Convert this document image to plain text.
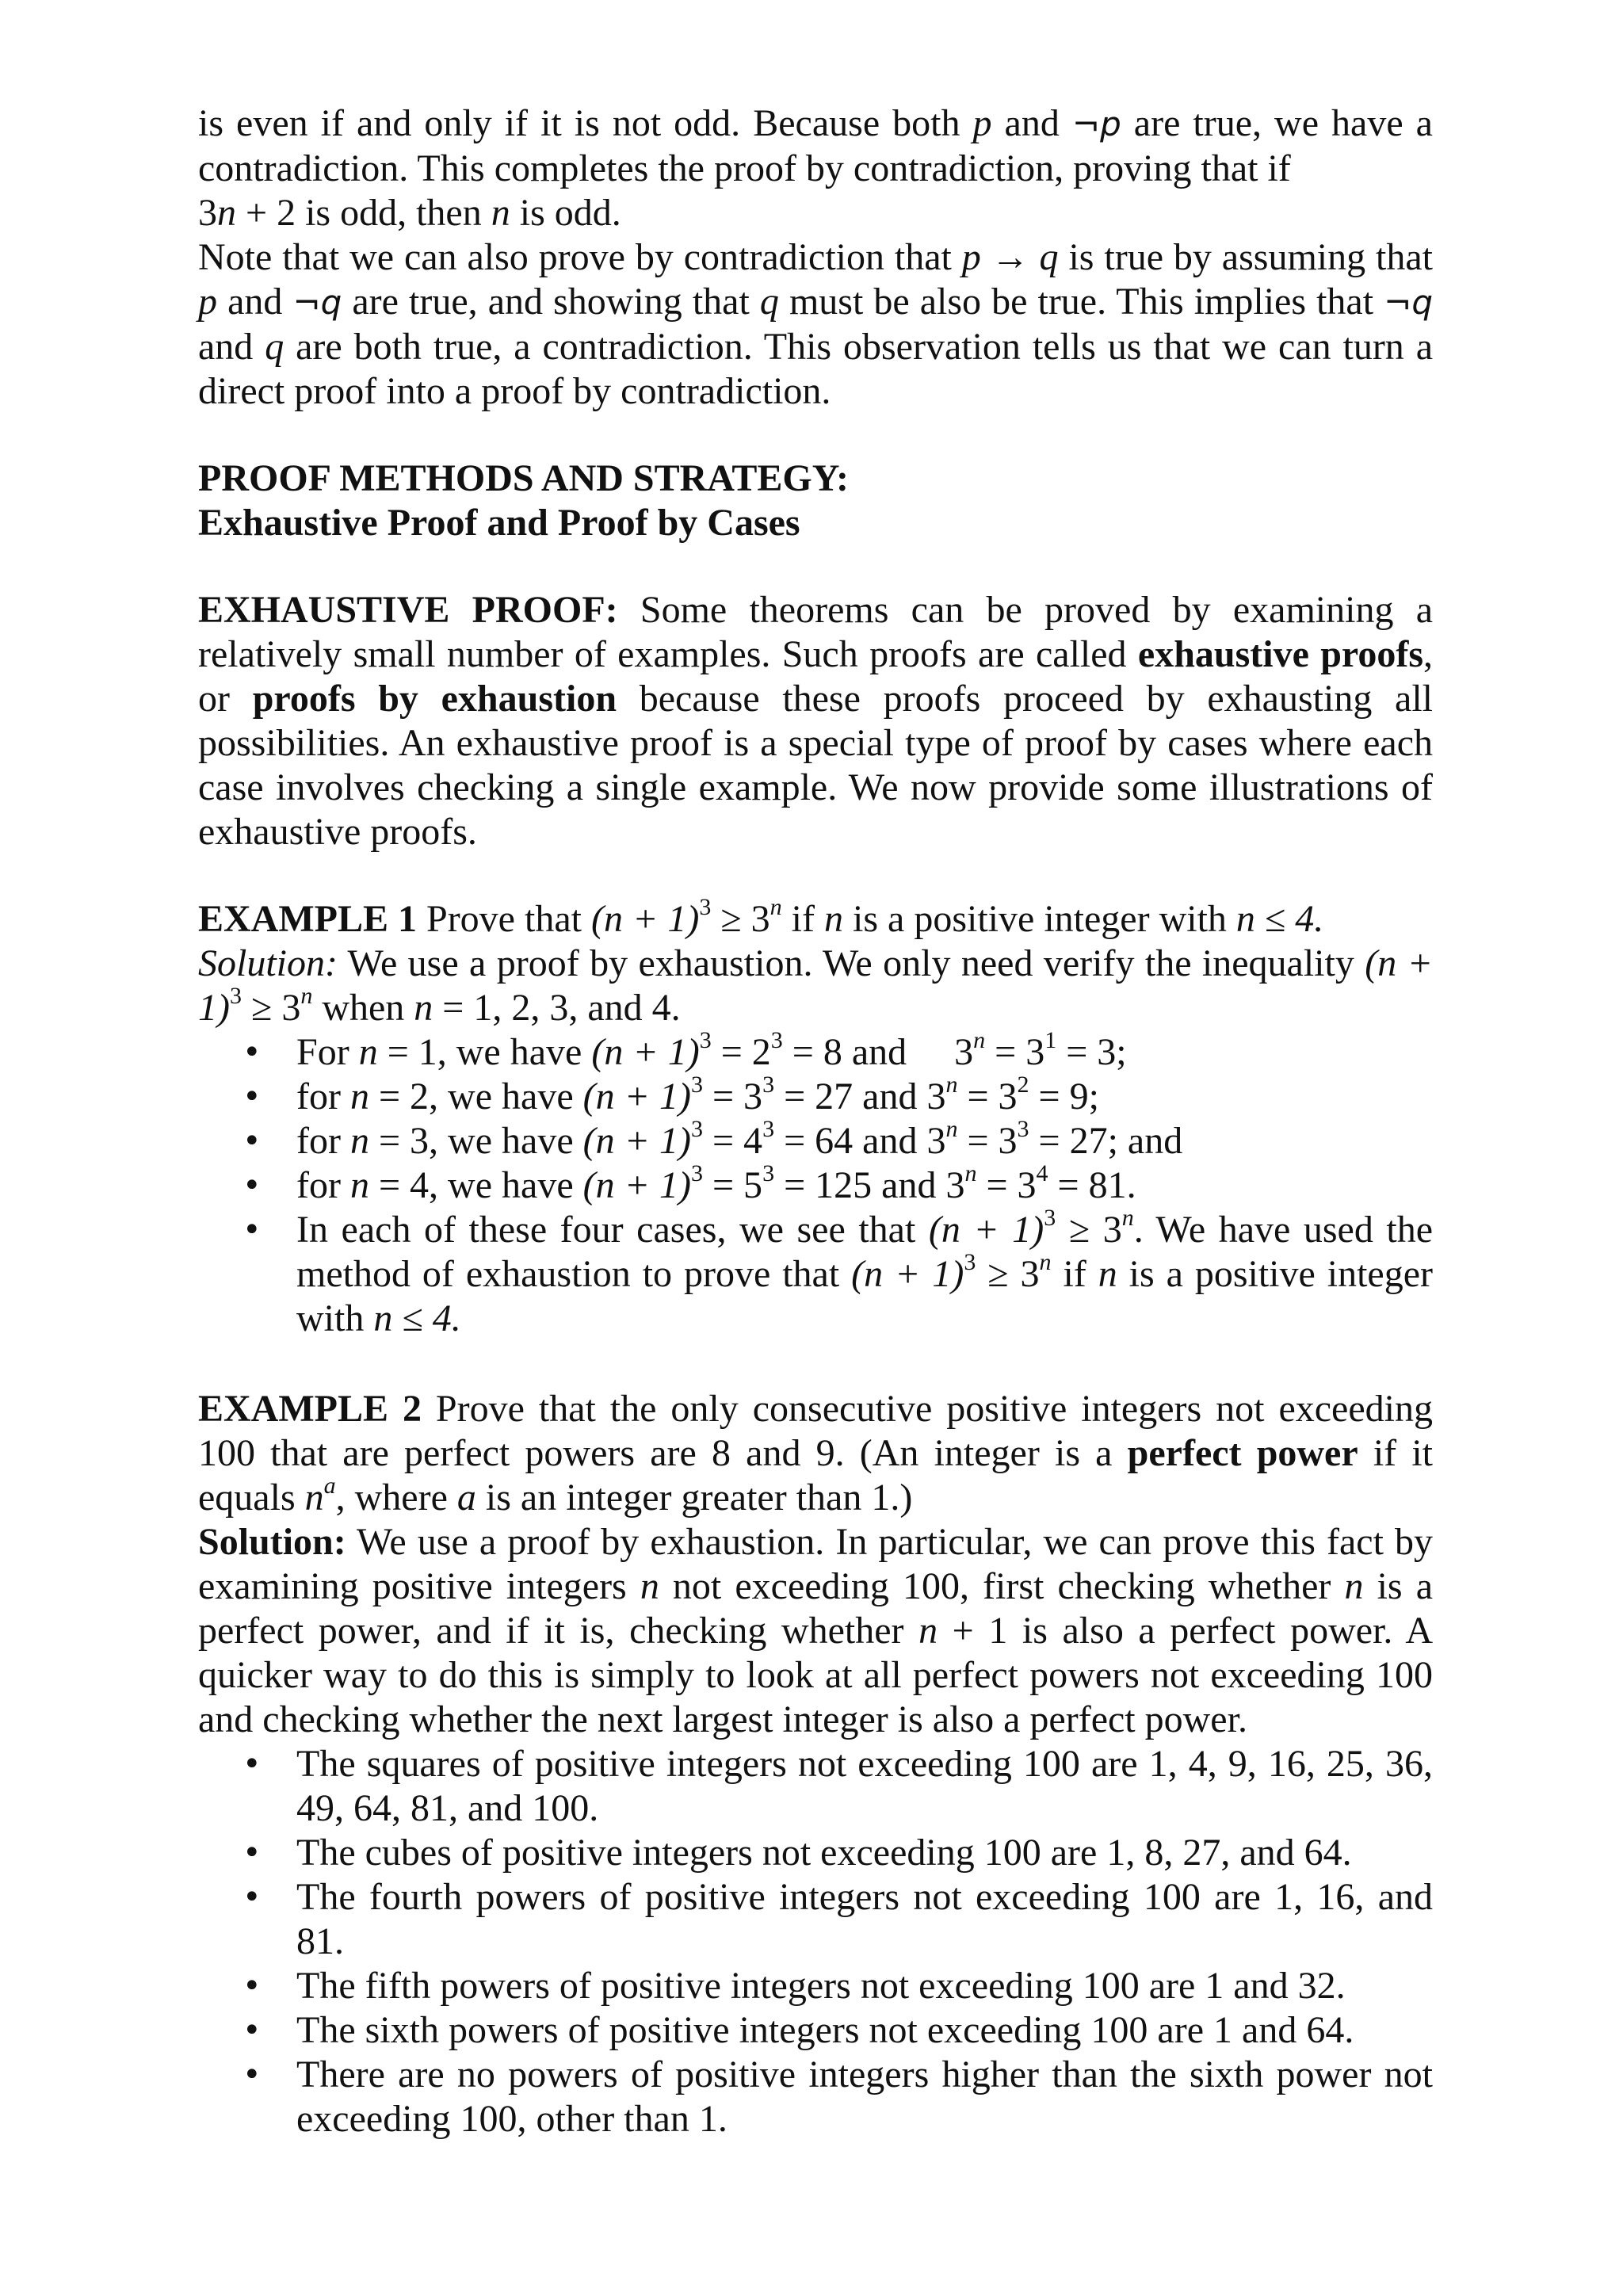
is even if and only if it is not odd. Because both p and ¬p are true, we have a contradiction. This completes the proof by contradiction, proving that if

3n + 2 is odd, then n is odd.

Note that we can also prove by contradiction that p → q is true by assuming that p and ¬q are true, and showing that q must be also be true. This implies that ¬q and q are both true, a contradiction. This observation tells us that we can turn a direct proof into a proof by contradiction.

PROOF METHODS AND STRATEGY:

Exhaustive Proof and Proof by Cases

EXHAUSTIVE PROOF: Some theorems can be proved by examining a relatively small number of examples. Such proofs are called exhaustive proofs, or proofs by exhaustion because these proofs proceed by exhausting all possibilities. An exhaustive proof is a special type of proof by cases where each case involves checking a single example. We now provide some illustrations of exhaustive proofs.

EXAMPLE 1 Prove that $(n + 1)^3 \ge 3^n$ if n is a positive integer with n ≤ 4.

Solution: We use a proof by exhaustion. We only need verify the inequality $(n + 1)^3 \ge 3^n$ when n = 1, 2, 3, and 4.

• For n = 1, we have $(n + 1)^3 = 2^3 = 8$ and     $3^n = 3^1 = 3$;
• for n = 2, we have $(n + 1)^3 = 3^3 = 27$ and $3^n = 3^2 = 9$;
• for n = 3, we have $(n + 1)^3 = 4^3 = 64$ and $3^n = 3^3 = 27$; and
• for n = 4, we have $(n + 1)^3 = 5^3 = 125$ and $3^n = 3^4 = 81$.
• In each of these four cases, we see that $(n + 1)^3 \ge 3^n$. We have used the method of exhaustion to prove that $(n + 1)^3 \ge 3^n$ if n is a positive integer with n ≤ 4.

EXAMPLE 2 Prove that the only consecutive positive integers not exceeding 100 that are perfect powers are 8 and 9. (An integer is a perfect power if it equals $n^a$, where a is an integer greater than 1.)

Solution: We use a proof by exhaustion. In particular, we can prove this fact by examining positive integers n not exceeding 100, first checking whether n is a perfect power, and if it is, checking whether n + 1 is also a perfect power. A quicker way to do this is simply to look at all perfect powers not exceeding 100 and checking whether the next largest integer is also a perfect power.

• The squares of positive integers not exceeding 100 are 1, 4, 9, 16, 25, 36, 49, 64, 81, and 100.
• The cubes of positive integers not exceeding 100 are 1, 8, 27, and 64.
• The fourth powers of positive integers not exceeding 100 are 1, 16, and 81.
• The fifth powers of positive integers not exceeding 100 are 1 and 32.
• The sixth powers of positive integers not exceeding 100 are 1 and 64.
• There are no powers of positive integers higher than the sixth power not exceeding 100, other than 1.
